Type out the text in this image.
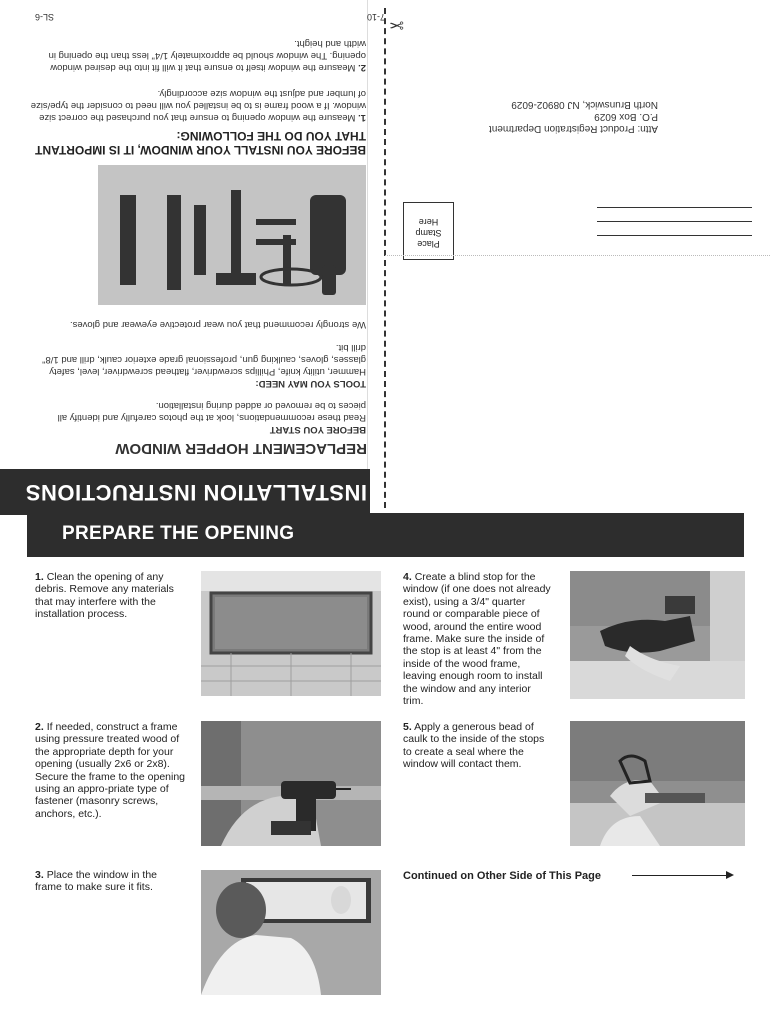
✂
7-10
SL-6
Attn: Product Registration Department
P.O. Box 6029
North Brunswick, NJ 08902-6029
Place
Stamp
Here
INSTALLATION INSTRUCTIONS
REPLACEMENT HOPPER WINDOW
BEFORE YOU START
Read these recommendations, look at the photos carefully and identify all pieces to be removed or added during installation.
TOOLS YOU MAY NEED:
Hammer, utility knife, Phillips screwdriver, flathead screwdriver, level, safety glasses, gloves, caulking gun, professional grade exterior caulk, drill and 1/8" drill bit.
We strongly recommend that you wear protective eyewear and gloves.
BEFORE YOU INSTALL YOUR WINDOW, IT IS IMPORTANT THAT YOU DO THE FOLLOWING:
1. Measure the window opening to ensure that you purchased the correct size window. If a wood frame is to be installed you will need to consider the type/size of lumber and adjust the window size accordingly.
2. Measure the window itself to ensure that it will fit into the desired window opening. The window should be approximately 1/4" less than the opening in width and height.
PREPARE THE OPENING
1. Clean the opening of any debris. Remove any materials that may interfere with the installation process.
2. If needed, construct a frame using pressure treated wood of the appropriate depth for your opening (usually 2x6 or 2x8). Secure the frame to the opening using an appro-priate type of fastener (masonry screws, anchors, etc.).
3. Place the window in the frame to make sure it fits.
4. Create a blind stop for the window (if one does not already exist), using a 3/4" quarter round or comparable piece of wood, around the entire wood frame. Make sure the inside of the stop is at least 4" from the inside of the wood frame, leaving enough room to install the window and any interior trim.
5. Apply a generous bead of caulk to the inside of the stops to create a seal where the window will contact them.
Continued on Other Side of This Page
